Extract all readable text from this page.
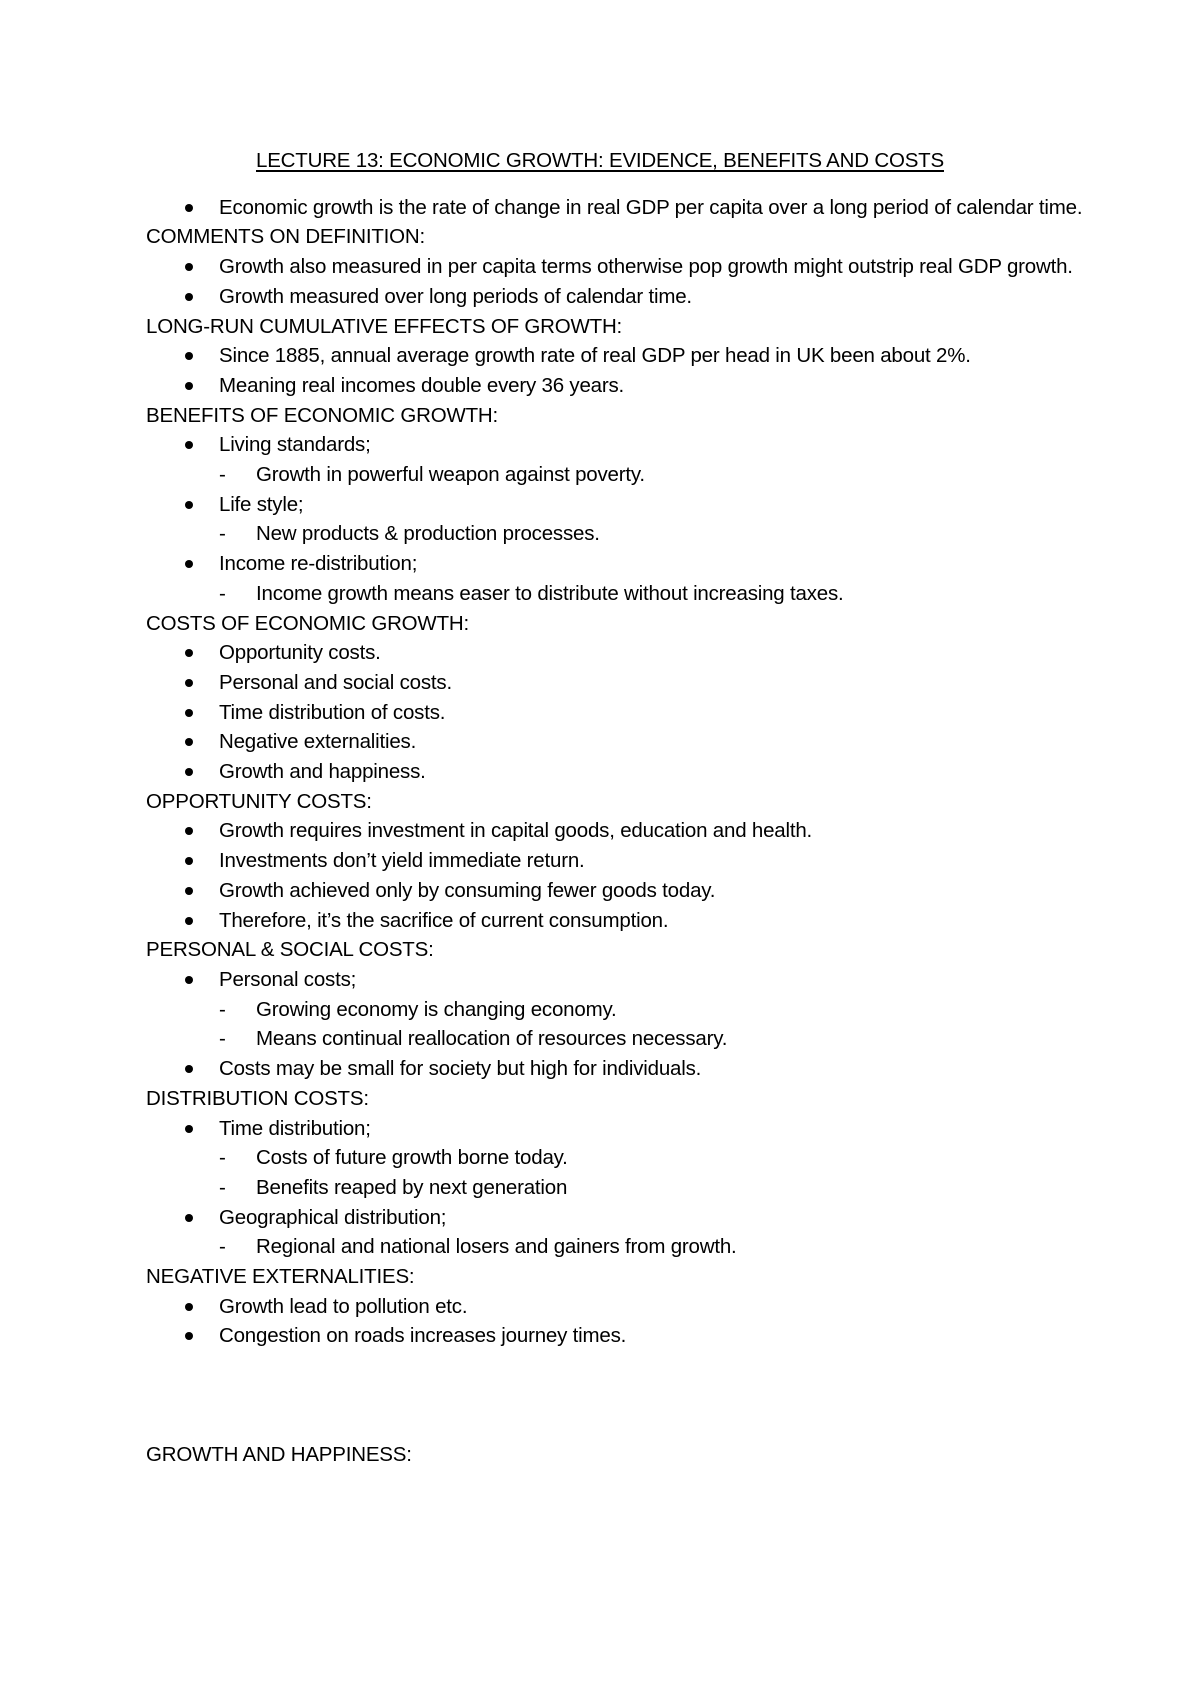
LECTURE 13: ECONOMIC GROWTH: EVIDENCE, BENEFITS AND COSTS
Economic growth is the rate of change in real GDP per capita over a long period of calendar time.
COMMENTS ON DEFINITION:
Growth also measured in per capita terms otherwise pop growth might outstrip real GDP growth.
Growth measured over long periods of calendar time.
LONG-RUN CUMULATIVE EFFECTS OF GROWTH:
Since 1885, annual average growth rate of real GDP per head in UK been about 2%.
Meaning real incomes double every 36 years.
BENEFITS OF ECONOMIC GROWTH:
Living standards;
- Growth in powerful weapon against poverty.
Life style;
- New products & production processes.
Income re-distribution;
- Income growth means easer to distribute without increasing taxes.
COSTS OF ECONOMIC GROWTH:
Opportunity costs.
Personal and social costs.
Time distribution of costs.
Negative externalities.
Growth and happiness.
OPPORTUNITY COSTS:
Growth requires investment in capital goods, education and health.
Investments don’t yield immediate return.
Growth achieved only by consuming fewer goods today.
Therefore, it’s the sacrifice of current consumption.
PERSONAL & SOCIAL COSTS:
Personal costs;
- Growing economy is changing economy.
- Means continual reallocation of resources necessary.
Costs may be small for society but high for individuals.
DISTRIBUTION COSTS:
Time distribution;
- Costs of future growth borne today.
- Benefits reaped by next generation
Geographical distribution;
- Regional and national losers and gainers from growth.
NEGATIVE EXTERNALITIES:
Growth lead to pollution etc.
Congestion on roads increases journey times.
GROWTH AND HAPPINESS:
